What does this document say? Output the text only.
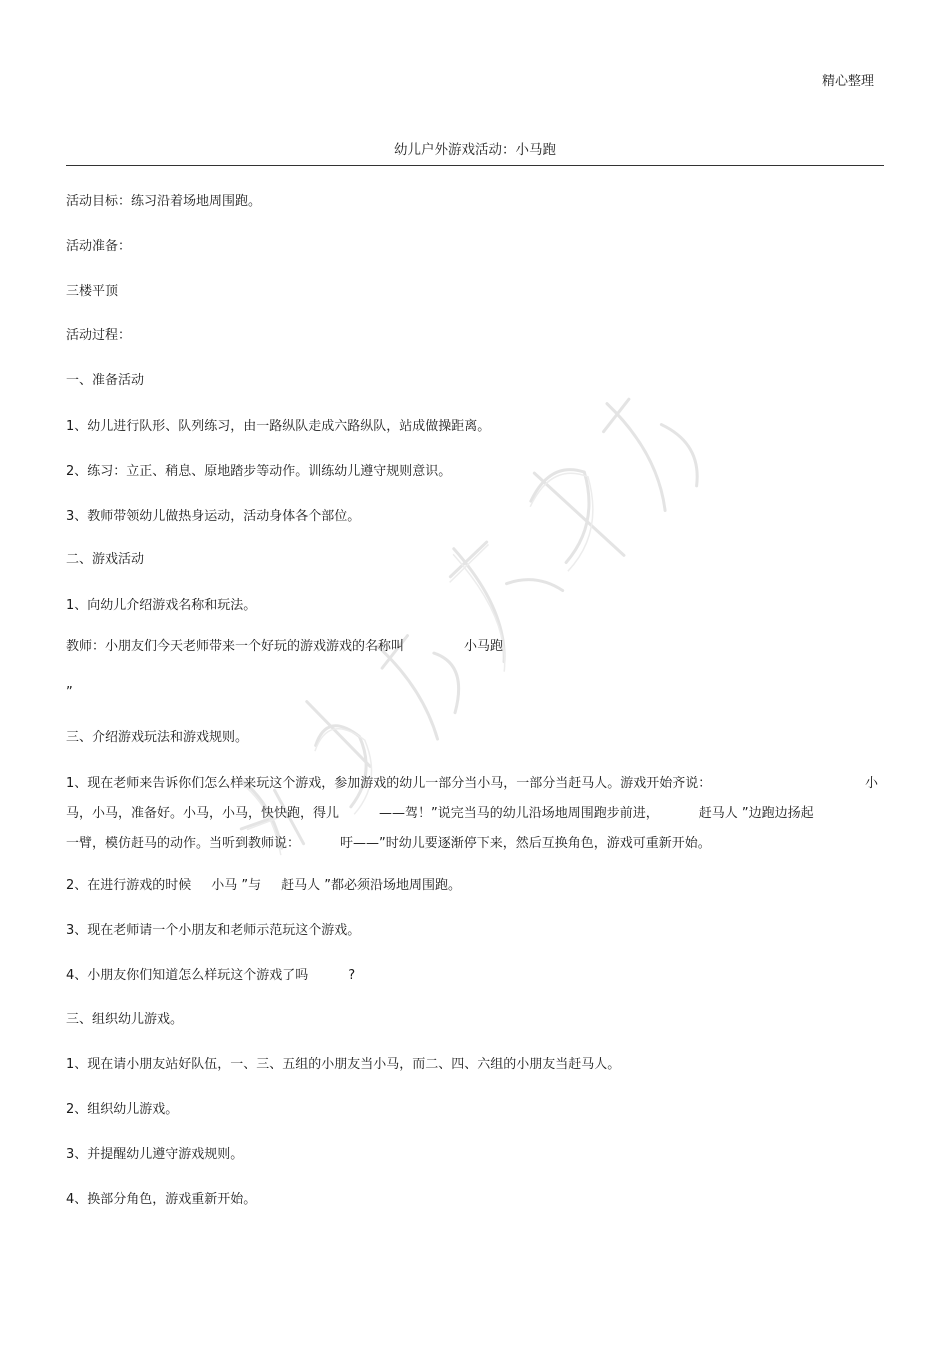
精心整理
幼儿户外游戏活动：小马跑
活动目标：练习沿着场地周围跑。
活动准备：
三楼平顶
活动过程：
一、准备活动
1、幼儿进行队形、队列练习，由一路纵队走成六路纵队，站成做操距离。
2、练习：立正、稍息、原地踏步等动作。训练幼儿遵守规则意识。
3、教师带领幼儿做热身运动，活动身体各个部位。
二、游戏活动
1、向幼儿介绍游戏名称和玩法。
教师：小朋友们今天老师带来一个好玩的游戏游戏的名称叫	小马跑
”
三、介绍游戏玩法和游戏规则。
1、现在老师来告诉你们怎么样来玩这个游戏，参加游戏的幼儿一部分当小马，一部分当赶马人。游戏开始齐说：	小
马，小马，准备好。小马，小马，快快跑，得儿	——驾！”说完当马的幼儿沿场地周围跑步前进，	赶马人 ”边跑边扬起
一臂，模仿赶马的动作。当听到教师说：	吁——”时幼儿要逐渐停下来，然后互换角色，游戏可重新开始。
2、在进行游戏的时候 小马 ”与 赶马人 ”都必须沿场地周围跑。
3、现在老师请一个小朋友和老师示范玩这个游戏。
4、小朋友你们知道怎么样玩这个游戏了吗	?
三、组织幼儿游戏。
1、现在请小朋友站好队伍，一、三、五组的小朋友当小马，而二、四、六组的小朋友当赶马人。
2、组织幼儿游戏。
3、并提醒幼儿遵守游戏规则。
4、换部分角色，游戏重新开始。
